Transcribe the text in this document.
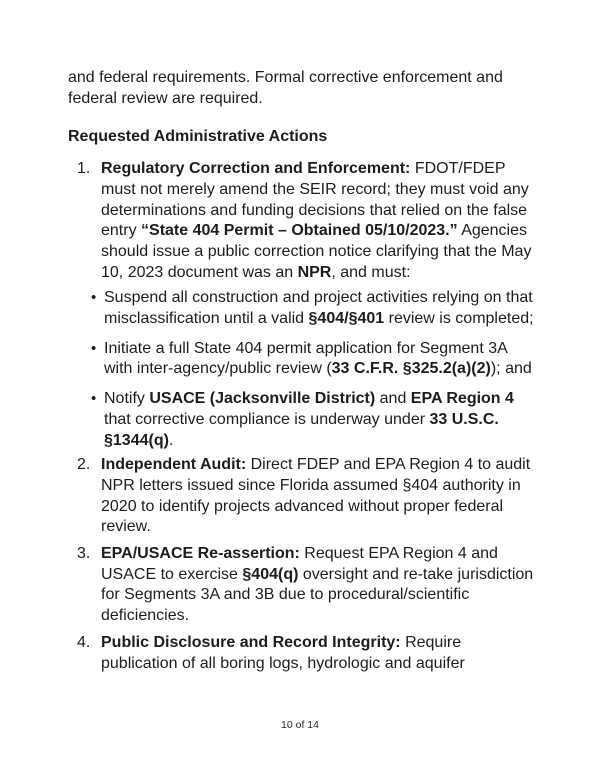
and federal requirements. Formal corrective enforcement and
federal review are required.
Requested Administrative Actions
1. Regulatory Correction and Enforcement: FDOT/FDEP
must not merely amend the SEIR record; they must void any
determinations and funding decisions that relied on the false
entry “State 404 Permit – Obtained 05/10/2023.” Agencies
should issue a public correction notice clarifying that the May
10, 2023 document was an NPR, and must:
• Suspend all construction and project activities relying on that
misclassification until a valid §404/§401 review is completed;
• Initiate a full State 404 permit application for Segment 3A
with inter-agency/public review (33 C.F.R. §325.2(a)(2)); and
• Notify USACE (Jacksonville District) and EPA Region 4
that corrective compliance is underway under 33 U.S.C.
§1344(q).
2. Independent Audit: Direct FDEP and EPA Region 4 to audit
NPR letters issued since Florida assumed §404 authority in
2020 to identify projects advanced without proper federal
review.
3. EPA/USACE Re-assertion: Request EPA Region 4 and
USACE to exercise §404(q) oversight and re-take jurisdiction
for Segments 3A and 3B due to procedural/scientific
deficiencies.
4. Public Disclosure and Record Integrity: Require
publication of all boring logs, hydrologic and aquifer
10 of 14
